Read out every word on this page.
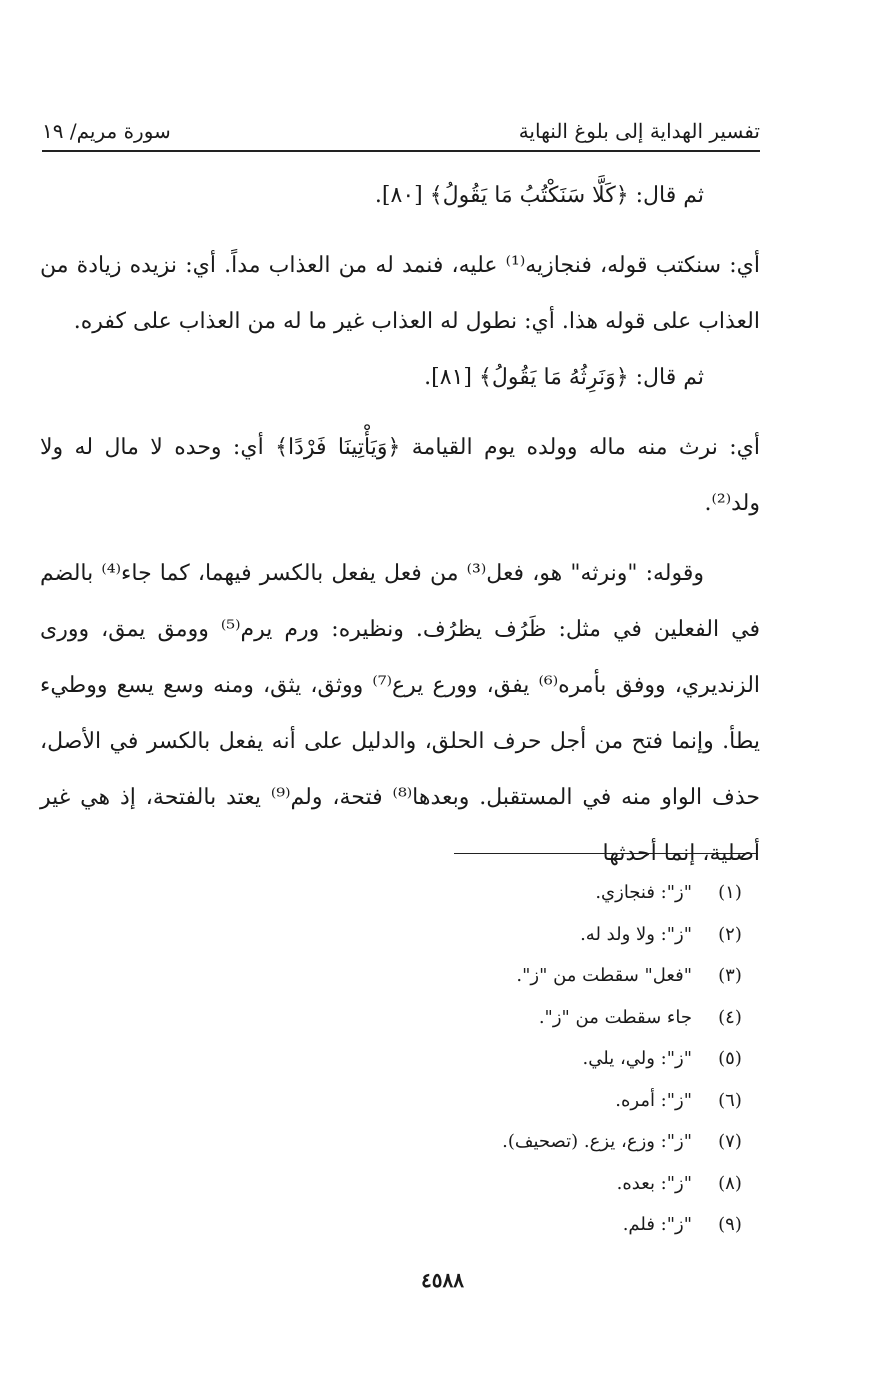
تفسير الهداية إلى بلوغ النهاية
سورة مريم/ ١٩

ثم قال: ﴿كَلَّا سَنَكْتُبُ مَا يَقُولُ﴾ [٨٠].

أي: سنكتب قوله، فنجازيه⁽¹⁾ عليه، فنمد له من العذاب مداً. أي: نزيده زيادة من العذاب على قوله هذا. أي: نطول له العذاب غير ما له من العذاب على كفره.

ثم قال: ﴿وَنَرِثُهُ مَا يَقُولُ﴾ [٨١].

أي: نرث منه ماله وولده يوم القيامة ﴿وَيَأْتِينَا فَرْدًا﴾ أي: وحده لا مال له ولا ولد⁽²⁾.

وقوله: "ونرثه" هو، فعل⁽³⁾ من فعل يفعل بالكسر فيهما، كما جاء⁽⁴⁾ بالضم في الفعلين في مثل: ظَرُف يظرُف. ونظيره: ورم يرم⁽⁵⁾ وومق يمق، وورى الزنديري، ووفق بأمره⁽⁶⁾ يفق، وورع يرع⁽⁷⁾ ووثق، يثق، ومنه وسع يسع ووطيء يطأ. وإنما فتح من أجل حرف الحلق، والدليل على أنه يفعل بالكسر في الأصل، حذف الواو منه في المستقبل. وبعدها⁽⁸⁾ فتحة، ولم⁽⁹⁾ يعتد بالفتحة، إذ هي غير أصلية، إنما أحدثها

(١)
"ز": فنجازي.
(٢)
"ز": ولا ولد له.
(٣)
"فعل" سقطت من "ز".
(٤)
جاء سقطت من "ز".
(٥)
"ز": ولي، يلي.
(٦)
"ز": أمره.
(٧)
"ز": وزع، يزع. (تصحيف).
(٨)
"ز": بعده.
(٩)
"ز": فلم.
٤٥٨٨
